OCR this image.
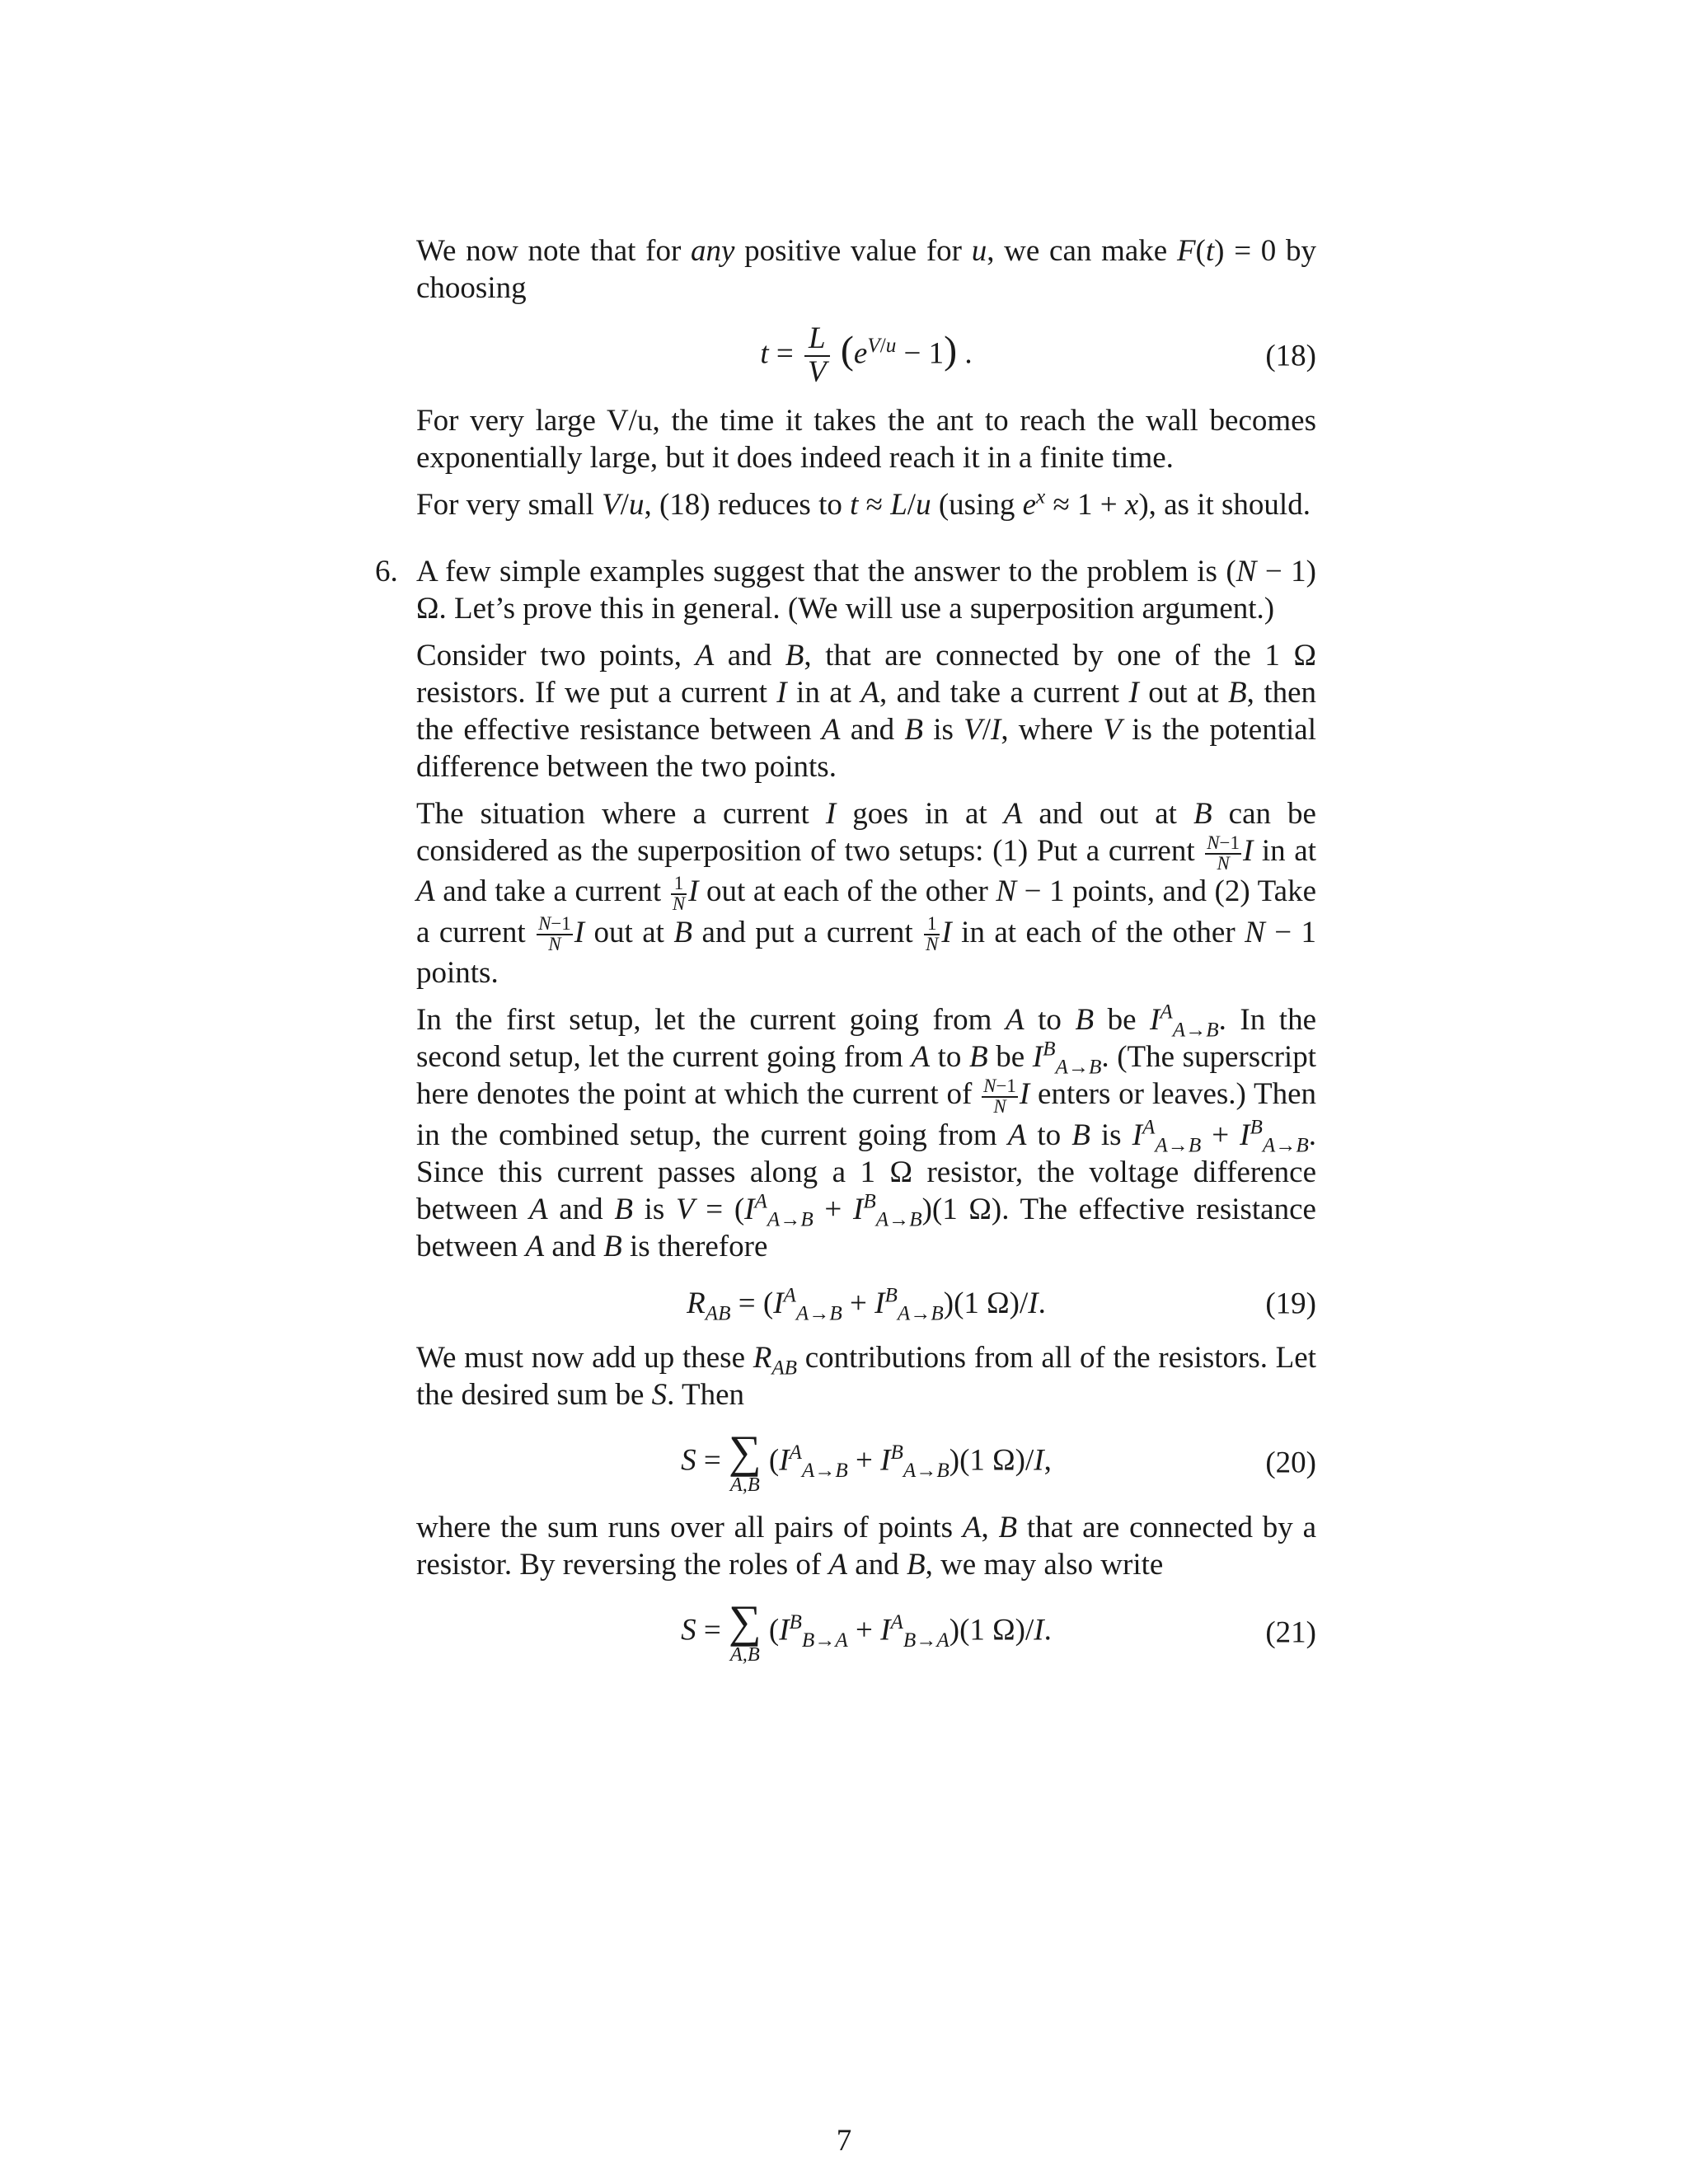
We now note that for any positive value for u, we can make F(t) = 0 by choosing

$t = \frac{L}{V} (e^{V/u} - 1)$ .	(18)

For very large V/u, the time it takes the ant to reach the wall becomes exponentially large, but it does indeed reach it in a finite time.

For very small V/u, (18) reduces to t ≈ L/u (using $e^x \approx 1 + x$), as it should.

6. A few simple examples suggest that the answer to the problem is (N − 1) Ω. Let’s prove this in general. (We will use a superposition argument.)

Consider two points, A and B, that are connected by one of the 1 Ω resistors. If we put a current I in at A, and take a current I out at B, then the effective resistance between A and B is V/I, where V is the potential difference between the two points.

The situation where a current I goes in at A and out at B can be considered as the superposition of two setups: (1) Put a current $\frac{N-1}{N}$ I in at A and take a current $\frac{1}{N}$ I out at each of the other N − 1 points, and (2) Take a current $\frac{N-1}{N}$ I out at B and put a current $\frac{1}{N}$ I in at each of the other N − 1 points.

In the first setup, let the current going from A to B be $I^A_{A\to B}$. In the second setup, let the current going from A to B be $I^B_{A\to B}$. (The superscript here denotes the point at which the current of $\frac{N-1}{N}$ I enters or leaves.) Then in the combined setup, the current going from A to B is $I^A_{A\to B} + I^B_{A\to B}$. Since this current passes along a 1 Ω resistor, the voltage difference between A and B is $V = (I^A_{A\to B} + I^B_{A\to B})(1$ Ω). The effective resistance between A and B is therefore

$R_{AB} = (I^A_{A\to B} + I^B_{A\to B})(1$ Ω)/I.	(19)

We must now add up these $R_{AB}$ contributions from all of the resistors. Let the desired sum be S. Then

S = ∑
A,B
$(I^A_{A\to B} + I^B_{A\to B})(1$ Ω)/I,	(20)

where the sum runs over all pairs of points A, B that are connected by a resistor. By reversing the roles of A and B, we may also write

S = ∑
A,B
$(I^B_{B\to A} + I^A_{B\to A})(1$ Ω)/I.	(21)
7
